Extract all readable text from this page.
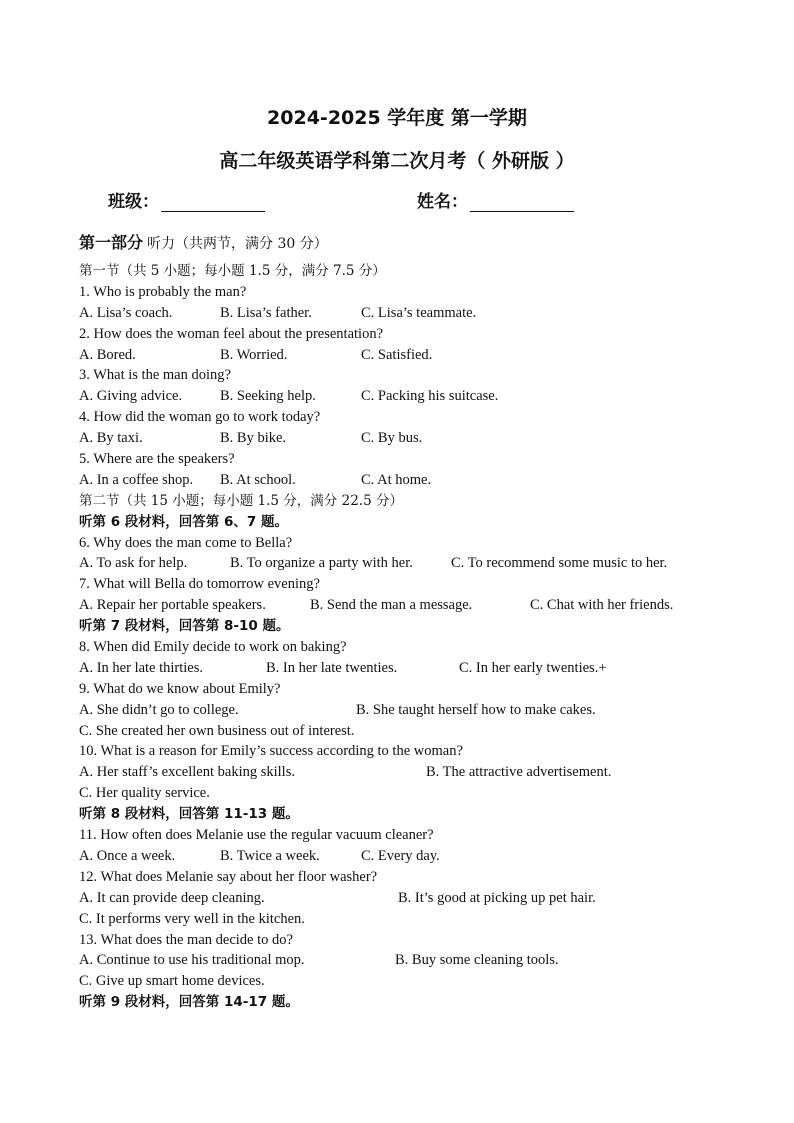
2024-2025 学年度 第一学期
高二年级英语学科第二次月考（ 外研版 ）
班级：	姓名：
第一部分 听力（共两节，满分 30 分）
第一节（共 5 小题；每小题 1.5 分，满分 7.5 分）
1. Who is probably the man?
A. Lisa’s coach.	B. Lisa’s father.	C. Lisa’s teammate.
2. How does the woman feel about the presentation?
A. Bored.	B. Worried.	C. Satisfied.
3. What is the man doing?
A. Giving advice.	B. Seeking help.	C. Packing his suitcase.
4. How did the woman go to work today?
A. By taxi.	B. By bike.	C. By bus.
5. Where are the speakers?
A. In a coffee shop. B. At school.	C. At home.
第二节（共 15 小题；每小题 1.5 分，满分 22.5 分）
听第 6 段材料，回答第 6、7 题。
6. Why does the man come to Bella?
A. To ask for help.	B. To organize a party with her.	C. To recommend some music to her.
7. What will Bella do tomorrow evening?
A. Repair her portable speakers.	B. Send the man a message.	C. Chat with her friends.
听第 7 段材料，回答第 8-10 题。
8. When did Emily decide to work on baking?
A. In her late thirties.	B. In her late twenties.	C. In her early twenties.+
9. What do we know about Emily?
A. She didn’t go to college.	B. She taught herself how to make cakes.
C. She created her own business out of interest.
10. What is a reason for Emily’s success according to the woman?
A. Her staff’s excellent baking skills.	B. The attractive advertisement.
C. Her quality service.
听第 8 段材料，回答第 11-13 题。
11. How often does Melanie use the regular vacuum cleaner?
A. Once a week.	B. Twice a week.	C. Every day.
12. What does Melanie say about her floor washer?
A. It can provide deep cleaning.	B. It’s good at picking up pet hair.
C. It performs very well in the kitchen.
13. What does the man decide to do?
A. Continue to use his traditional mop.	B. Buy some cleaning tools.
C. Give up smart home devices.
听第 9 段材料，回答第 14-17 题。
